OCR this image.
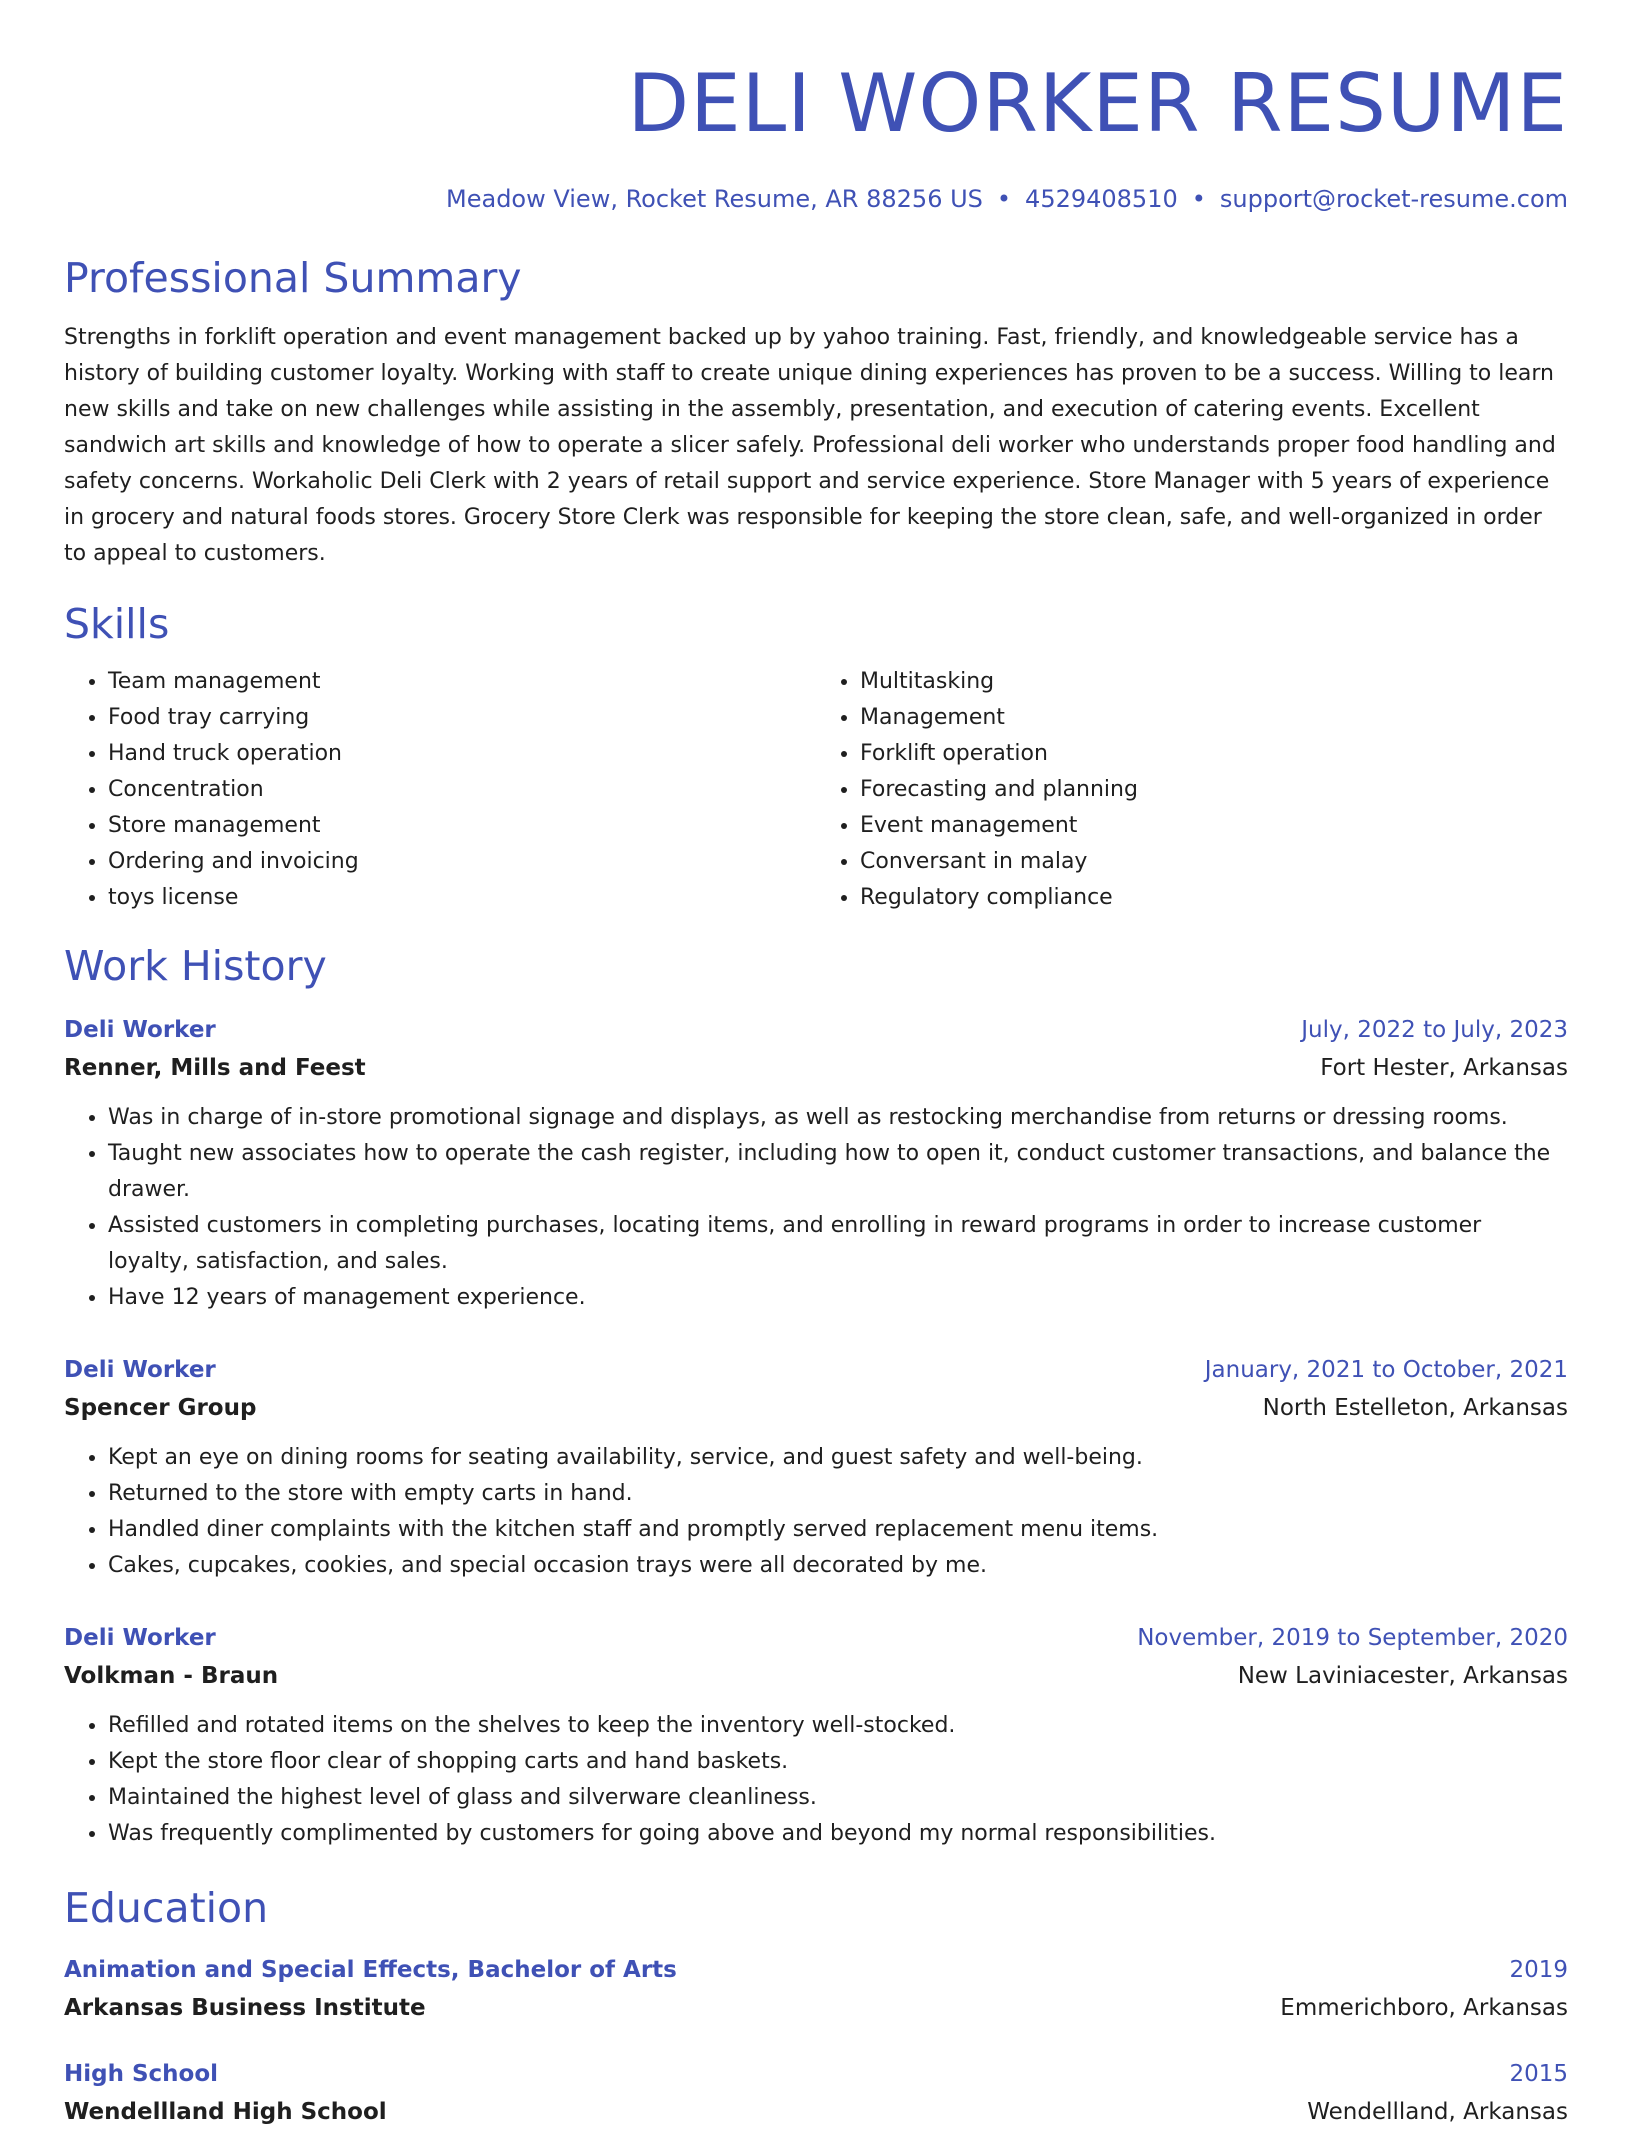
DELI WORKER RESUME
Meadow View, Rocket Resume, AR 88256 US • 4529408510 • support@rocket-resume.com
Professional Summary

Strengths in forklift operation and event management backed up by yahoo training. Fast, friendly, and knowledgeable service has a history of building customer loyalty. Working with staff to create unique dining experiences has proven to be a success. Willing to learn new skills and take on new challenges while assisting in the assembly, presentation, and execution of catering events. Excellent sandwich art skills and knowledge of how to operate a slicer safely. Professional deli worker who understands proper food handling and safety concerns. Workaholic Deli Clerk with 2 years of retail support and service experience. Store Manager with 5 years of experience in grocery and natural foods stores. Grocery Store Clerk was responsible for keeping the store clean, safe, and well-organized in order to appeal to customers.

Skills
• Team management
• Food tray carrying
• Hand truck operation
• Concentration
• Store management
• Ordering and invoicing
• toys license
• Multitasking
• Management
• Forklift operation
• Forecasting and planning
• Event management
• Conversant in malay
• Regulatory compliance
Work History
Deli Worker	July, 2022 to July, 2023
Renner, Mills and Feest	Fort Hester, Arkansas
• Was in charge of in-store promotional signage and displays, as well as restocking merchandise from returns or dressing rooms.
• Taught new associates how to operate the cash register, including how to open it, conduct customer transactions, and balance the drawer.
• Assisted customers in completing purchases, locating items, and enrolling in reward programs in order to increase customer loyalty, satisfaction, and sales.
• Have 12 years of management experience.
Deli Worker	January, 2021 to October, 2021
Spencer Group	North Estelleton, Arkansas
• Kept an eye on dining rooms for seating availability, service, and guest safety and well-being.
• Returned to the store with empty carts in hand.
• Handled diner complaints with the kitchen staff and promptly served replacement menu items.
• Cakes, cupcakes, cookies, and special occasion trays were all decorated by me.
Deli Worker	November, 2019 to September, 2020
Volkman - Braun	New Laviniacester, Arkansas
• Refilled and rotated items on the shelves to keep the inventory well-stocked.
• Kept the store floor clear of shopping carts and hand baskets.
• Maintained the highest level of glass and silverware cleanliness.
• Was frequently complimented by customers for going above and beyond my normal responsibilities.
Education
Animation and Special Effects, Bachelor of Arts	2019
Arkansas Business Institute	Emmerichboro, Arkansas
High School	2015
Wendellland High School	Wendellland, Arkansas
